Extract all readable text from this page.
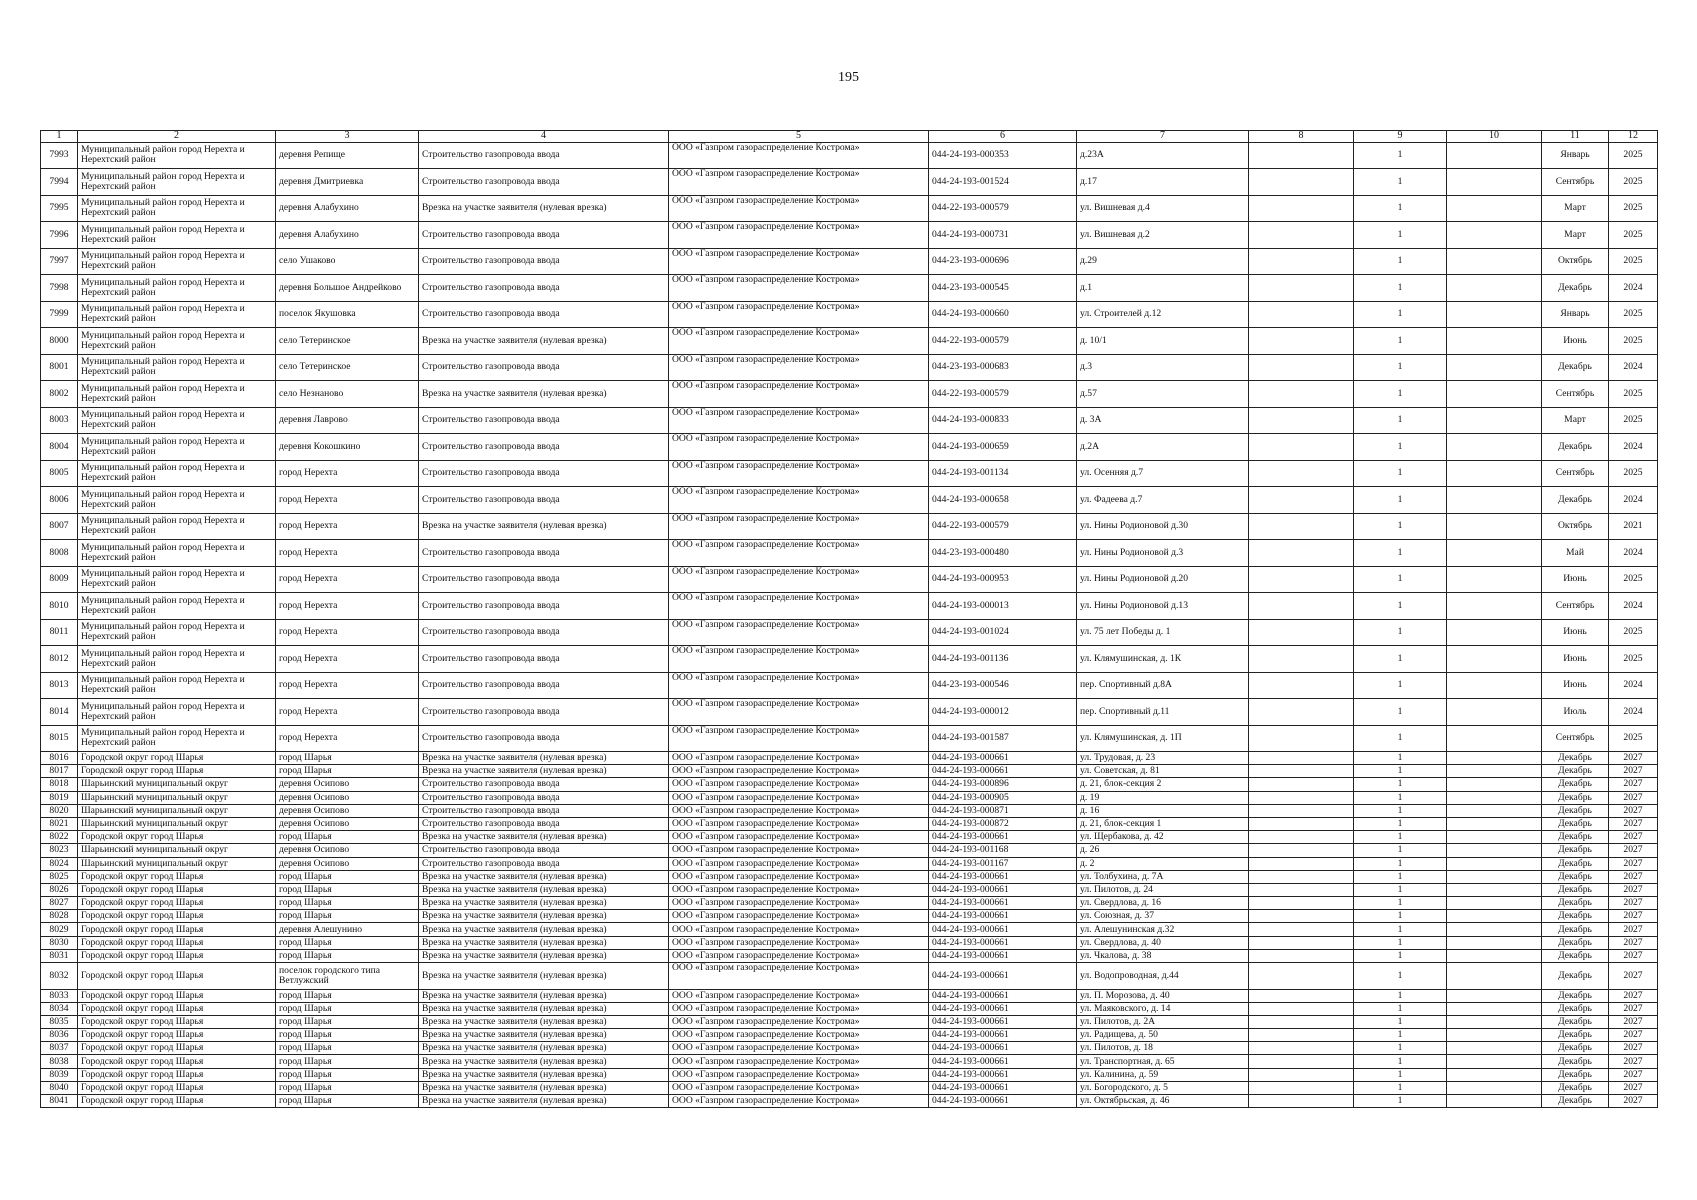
195
1	2	3	4	5	6	7	8	9	10	11	12
7993	Муниципальный район город Нерехта и Нерехтский район	деревня Репище	Строительство газопровода ввода	ООО «Газпром газораспределение Кострома»	044-24-193-000353	д.23А		1		Январь	2025
7994	Муниципальный район город Нерехта и Нерехтский район	деревня Дмитриевка	Строительство газопровода ввода	ООО «Газпром газораспределение Кострома»	044-24-193-001524	д.17		1		Сентябрь	2025
7995	Муниципальный район город Нерехта и Нерехтский район	деревня Алабухино	Врезка на участке заявителя (нулевая врезка)	ООО «Газпром газораспределение Кострома»	044-22-193-000579	ул. Вишневая д.4		1		Март	2025
7996	Муниципальный район город Нерехта и Нерехтский район	деревня Алабухино	Строительство газопровода ввода	ООО «Газпром газораспределение Кострома»	044-24-193-000731	ул. Вишневая д.2		1		Март	2025
7997	Муниципальный район город Нерехта и Нерехтский район	село Ушаково	Строительство газопровода ввода	ООО «Газпром газораспределение Кострома»	044-23-193-000696	д.29		1		Октябрь	2025
7998	Муниципальный район город Нерехта и Нерехтский район	деревня Большое Андрейково	Строительство газопровода ввода	ООО «Газпром газораспределение Кострома»	044-23-193-000545	д.1		1		Декабрь	2024
7999	Муниципальный район город Нерехта и Нерехтский район	поселок Якушовка	Строительство газопровода ввода	ООО «Газпром газораспределение Кострома»	044-24-193-000660	ул. Строителей д.12		1		Январь	2025
8000	Муниципальный район город Нерехта и Нерехтский район	село Тетеринское	Врезка на участке заявителя (нулевая врезка)	ООО «Газпром газораспределение Кострома»	044-22-193-000579	д. 10/1		1		Июнь	2025
8001	Муниципальный район город Нерехта и Нерехтский район	село Тетеринское	Строительство газопровода ввода	ООО «Газпром газораспределение Кострома»	044-23-193-000683	д.3		1		Декабрь	2024
8002	Муниципальный район город Нерехта и Нерехтский район	село Незнаново	Врезка на участке заявителя (нулевая врезка)	ООО «Газпром газораспределение Кострома»	044-22-193-000579	д.57		1		Сентябрь	2025
8003	Муниципальный район город Нерехта и Нерехтский район	деревня Лаврово	Строительство газопровода ввода	ООО «Газпром газораспределение Кострома»	044-24-193-000833	д. 3А		1		Март	2025
8004	Муниципальный район город Нерехта и Нерехтский район	деревня Кокошкино	Строительство газопровода ввода	ООО «Газпром газораспределение Кострома»	044-24-193-000659	д.2А		1		Декабрь	2024
8005	Муниципальный район город Нерехта и Нерехтский район	город Нерехта	Строительство газопровода ввода	ООО «Газпром газораспределение Кострома»	044-24-193-001134	ул. Осенняя д.7		1		Сентябрь	2025
8006	Муниципальный район город Нерехта и Нерехтский район	город Нерехта	Строительство газопровода ввода	ООО «Газпром газораспределение Кострома»	044-24-193-000658	ул. Фадеева д.7		1		Декабрь	2024
8007	Муниципальный район город Нерехта и Нерехтский район	город Нерехта	Врезка на участке заявителя (нулевая врезка)	ООО «Газпром газораспределение Кострома»	044-22-193-000579	ул. Нины Родионовой д.30		1		Октябрь	2021
8008	Муниципальный район город Нерехта и Нерехтский район	город Нерехта	Строительство газопровода ввода	ООО «Газпром газораспределение Кострома»	044-23-193-000480	ул. Нины Родионовой д.3		1		Май	2024
8009	Муниципальный район город Нерехта и Нерехтский район	город Нерехта	Строительство газопровода ввода	ООО «Газпром газораспределение Кострома»	044-24-193-000953	ул. Нины Родионовой д.20		1		Июнь	2025
8010	Муниципальный район город Нерехта и Нерехтский район	город Нерехта	Строительство газопровода ввода	ООО «Газпром газораспределение Кострома»	044-24-193-000013	ул. Нины Родионовой д.13		1		Сентябрь	2024
8011	Муниципальный район город Нерехта и Нерехтский район	город Нерехта	Строительство газопровода ввода	ООО «Газпром газораспределение Кострома»	044-24-193-001024	ул. 75 лет Победы д. 1		1		Июнь	2025
8012	Муниципальный район город Нерехта и Нерехтский район	город Нерехта	Строительство газопровода ввода	ООО «Газпром газораспределение Кострома»	044-24-193-001136	ул. Клямушинская, д. 1К		1		Июнь	2025
8013	Муниципальный район город Нерехта и Нерехтский район	город Нерехта	Строительство газопровода ввода	ООО «Газпром газораспределение Кострома»	044-23-193-000546	пер. Спортивный д.8А		1		Июнь	2024
8014	Муниципальный район город Нерехта и Нерехтский район	город Нерехта	Строительство газопровода ввода	ООО «Газпром газораспределение Кострома»	044-24-193-000012	пер. Спортивный д.11		1		Июль	2024
8015	Муниципальный район город Нерехта и Нерехтский район	город Нерехта	Строительство газопровода ввода	ООО «Газпром газораспределение Кострома»	044-24-193-001587	ул. Клямушинская, д. 1П		1		Сентябрь	2025
8016	Городской округ город Шарья	город Шарья	Врезка на участке заявителя (нулевая врезка)	ООО «Газпром газораспределение Кострома»	044-24-193-000661	ул. Трудовая, д. 23		1		Декабрь	2027
8017	Городской округ город Шарья	город Шарья	Врезка на участке заявителя (нулевая врезка)	ООО «Газпром газораспределение Кострома»	044-24-193-000661	ул. Советская, д. 81		1		Декабрь	2027
8018	Шарьинский муниципальный округ	деревня Осипово	Строительство газопровода ввода	ООО «Газпром газораспределение Кострома»	044-24-193-000896	д. 21, блок-секция 2		1		Декабрь	2027
8019	Шарьинский муниципальный округ	деревня Осипово	Строительство газопровода ввода	ООО «Газпром газораспределение Кострома»	044-24-193-000905	д. 19		1		Декабрь	2027
8020	Шарьинский муниципальный округ	деревня Осипово	Строительство газопровода ввода	ООО «Газпром газораспределение Кострома»	044-24-193-000871	д. 16		1		Декабрь	2027
8021	Шарьинский муниципальный округ	деревня Осипово	Строительство газопровода ввода	ООО «Газпром газораспределение Кострома»	044-24-193-000872	д. 21, блок-секция 1		1		Декабрь	2027
8022	Городской округ город Шарья	город Шарья	Врезка на участке заявителя (нулевая врезка)	ООО «Газпром газораспределение Кострома»	044-24-193-000661	ул. Щербакова, д. 42		1		Декабрь	2027
8023	Шарьинский муниципальный округ	деревня Осипово	Строительство газопровода ввода	ООО «Газпром газораспределение Кострома»	044-24-193-001168	д. 26		1		Декабрь	2027
8024	Шарьинский муниципальный округ	деревня Осипово	Строительство газопровода ввода	ООО «Газпром газораспределение Кострома»	044-24-193-001167	д. 2		1		Декабрь	2027
8025	Городской округ город Шарья	город Шарья	Врезка на участке заявителя (нулевая врезка)	ООО «Газпром газораспределение Кострома»	044-24-193-000661	ул. Толбухина, д. 7А		1		Декабрь	2027
8026	Городской округ город Шарья	город Шарья	Врезка на участке заявителя (нулевая врезка)	ООО «Газпром газораспределение Кострома»	044-24-193-000661	ул. Пилотов, д. 24		1		Декабрь	2027
8027	Городской округ город Шарья	город Шарья	Врезка на участке заявителя (нулевая врезка)	ООО «Газпром газораспределение Кострома»	044-24-193-000661	ул. Свердлова, д. 16		1		Декабрь	2027
8028	Городской округ город Шарья	город Шарья	Врезка на участке заявителя (нулевая врезка)	ООО «Газпром газораспределение Кострома»	044-24-193-000661	ул. Союзная, д. 37		1		Декабрь	2027
8029	Городской округ город Шарья	деревня Алешунино	Врезка на участке заявителя (нулевая врезка)	ООО «Газпром газораспределение Кострома»	044-24-193-000661	ул. Алешунинская д.32		1		Декабрь	2027
8030	Городской округ город Шарья	город Шарья	Врезка на участке заявителя (нулевая врезка)	ООО «Газпром газораспределение Кострома»	044-24-193-000661	ул. Свердлова, д. 40		1		Декабрь	2027
8031	Городской округ город Шарья	город Шарья	Врезка на участке заявителя (нулевая врезка)	ООО «Газпром газораспределение Кострома»	044-24-193-000661	ул. Чкалова, д. 38		1		Декабрь	2027
8032	Городской округ город Шарья	поселок городского типа Ветлужский	Врезка на участке заявителя (нулевая врезка)	ООО «Газпром газораспределение Кострома»	044-24-193-000661	ул. Водопроводная, д.44		1		Декабрь	2027
8033	Городской округ город Шарья	город Шарья	Врезка на участке заявителя (нулевая врезка)	ООО «Газпром газораспределение Кострома»	044-24-193-000661	ул. П. Морозова, д. 40		1		Декабрь	2027
8034	Городской округ город Шарья	город Шарья	Врезка на участке заявителя (нулевая врезка)	ООО «Газпром газораспределение Кострома»	044-24-193-000661	ул. Маяковского, д. 14		1		Декабрь	2027
8035	Городской округ город Шарья	город Шарья	Врезка на участке заявителя (нулевая врезка)	ООО «Газпром газораспределение Кострома»	044-24-193-000661	ул. Пилотов, д. 2А		1		Декабрь	2027
8036	Городской округ город Шарья	город Шарья	Врезка на участке заявителя (нулевая врезка)	ООО «Газпром газораспределение Кострома»	044-24-193-000661	ул. Радищева, д. 50		1		Декабрь	2027
8037	Городской округ город Шарья	город Шарья	Врезка на участке заявителя (нулевая врезка)	ООО «Газпром газораспределение Кострома»	044-24-193-000661	ул. Пилотов, д. 18		1		Декабрь	2027
8038	Городской округ город Шарья	город Шарья	Врезка на участке заявителя (нулевая врезка)	ООО «Газпром газораспределение Кострома»	044-24-193-000661	ул. Транспортная, д. 65		1		Декабрь	2027
8039	Городской округ город Шарья	город Шарья	Врезка на участке заявителя (нулевая врезка)	ООО «Газпром газораспределение Кострома»	044-24-193-000661	ул. Калинина, д. 59		1		Декабрь	2027
8040	Городской округ город Шарья	город Шарья	Врезка на участке заявителя (нулевая врезка)	ООО «Газпром газораспределение Кострома»	044-24-193-000661	ул. Богородского, д. 5		1		Декабрь	2027
8041	Городской округ город Шарья	город Шарья	Врезка на участке заявителя (нулевая врезка)	ООО «Газпром газораспределение Кострома»	044-24-193-000661	ул. Октябрьская, д. 46		1		Декабрь	2027
